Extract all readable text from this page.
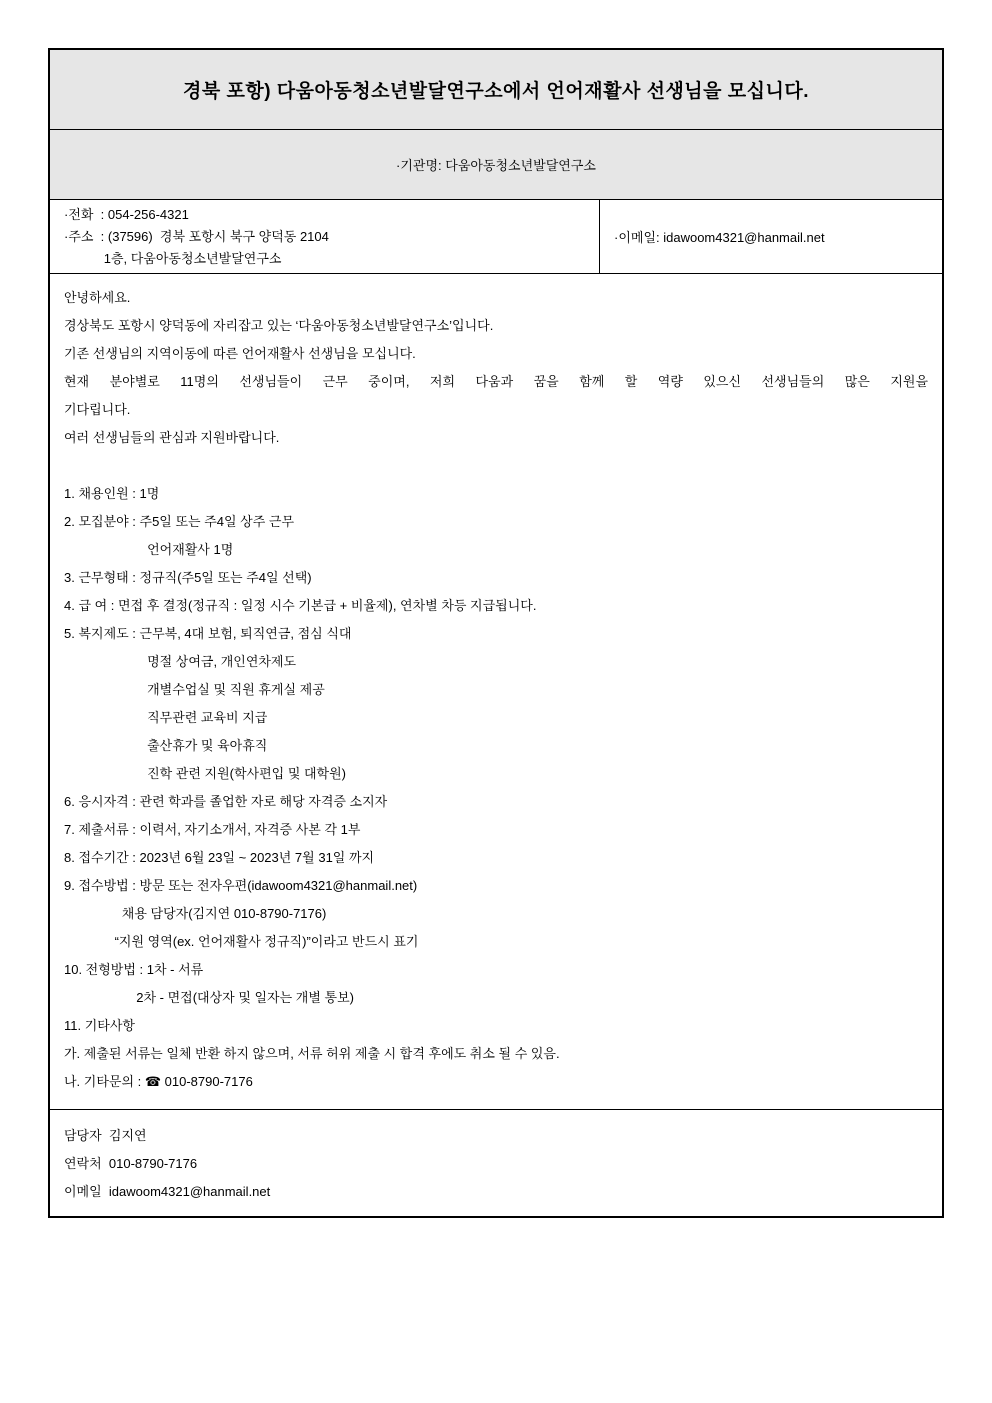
경북 포항) 다움아동청소년발달연구소에서 언어재활사 선생님을 모십니다.
·기관명: 다움아동청소년발달연구소
·전화  : 054-256-4321
·주소  : (37596)  경북 포항시 북구 양덕동 2104
1층, 다움아동청소년발달연구소
·이메일: idawoom4321@hanmail.net
안녕하세요.
경상북도 포항시 양덕동에 자리잡고 있는 ‘다움아동청소년발달연구소’입니다.
기존 선생님의 지역이동에 따른 언어재활사 선생님을 모십니다.
현재 분야별로 11명의 선생님들이 근무 중이며, 저희 다움과 꿈을 함께 할 역량 있으신 선생님들의 많은 지원을
기다립니다.
여러 선생님들의 관심과 지원바랍니다.

1. 채용인원 : 1명
2. 모집분야 : 주5일 또는 주4일 상주 근무
언어재활사 1명
3. 근무형태 : 정규직(주5일 또는 주4일 선택)
4. 급 여 : 면접 후 결정(정규직 : 일정 시수 기본급 + 비율제), 연차별 차등 지급됩니다.
5. 복지제도 : 근무복, 4대 보험, 퇴직연금, 점심 식대
명절 상여금, 개인연차제도
개별수업실 및 직원 휴게실 제공
직무관련 교육비 지급
출산휴가 및 육아휴직
진학 관련 지원(학사편입 및 대학원)
6. 응시자격 : 관련 학과를 졸업한 자로 해당 자격증 소지자
7. 제출서류 : 이력서, 자기소개서, 자격증 사본 각 1부
8. 접수기간 : 2023년 6월 23일 ~ 2023년 7월 31일 까지
9. 접수방법 : 방문 또는 전자우편(idawoom4321@hanmail.net)
채용 담당자(김지연 010-8790-7176)
“지원 영역(ex. 언어재활사 정규직)”이라고 반드시 표기
10. 전형방법 : 1차 - 서류
2차 - 면접(대상자 및 일자는 개별 통보)
11. 기타사항
가. 제출된 서류는 일체 반환 하지 않으며, 서류 허위 제출 시 합격 후에도 취소 될 수 있음.
나. 기타문의 : ☎ 010-8790-7176
담당자  김지연
연락처  010-8790-7176
이메일  idawoom4321@hanmail.net
